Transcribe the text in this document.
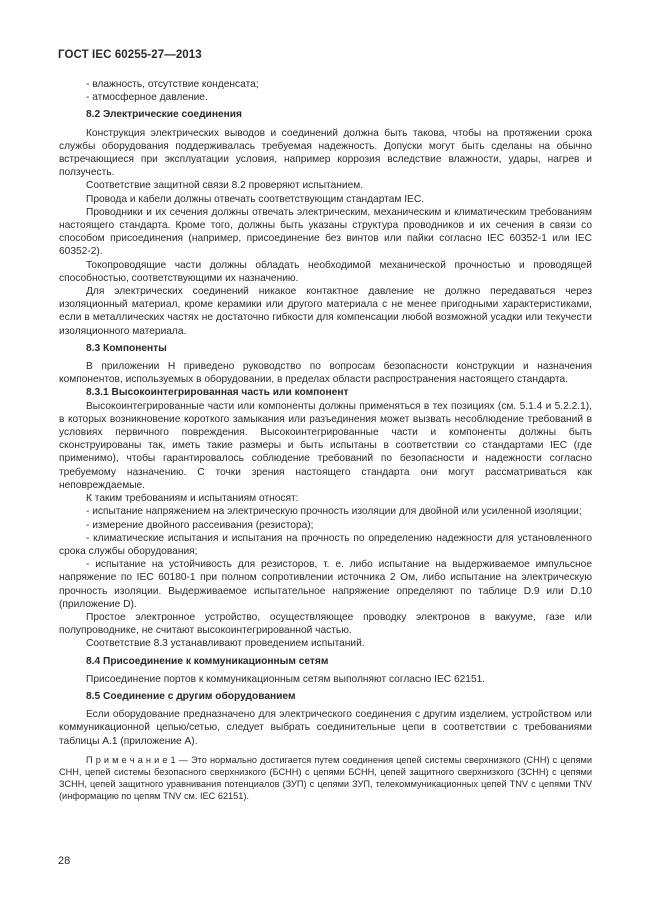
ГОСТ IEC 60255-27—2013

- влажность, отсутствие конденсата;

- атмосферное давление.

8.2 Электрические соединения

Конструкция электрических выводов и соединений должна быть такова, чтобы на протяжении срока службы оборудования поддерживалась требуемая надежность. Допуски могут быть сделаны на обычно встречающиеся при эксплуатации условия, например коррозия вследствие влажности, удары, нагрев и ползучесть.

Соответствие защитной связи 8.2 проверяют испытанием.

Провода и кабели должны отвечать соответствующим стандартам IEC.

Проводники и их сечения должны отвечать электрическим, механическим и климатическим требованиям настоящего стандарта. Кроме того, должны быть указаны структура проводников и их сечения в связи со способом присоединения (например, присоединение без винтов или пайки согласно IEC 60352-1 или IEC 60352-2).

Токопроводящие части должны обладать необходимой механической прочностью и проводящей способностью, соответствующими их назначению.

Для электрических соединений никакое контактное давление не должно передаваться через изоляционный материал, кроме керамики или другого материала с не менее пригодными характеристиками, если в металлических частях не достаточно гибкости для компенсации любой возможной усадки или текучести изоляционного материала.

8.3 Компоненты

В приложении Н приведено руководство по вопросам безопасности конструкции и назначения компонентов, используемых в оборудовании, в пределах области распространения настоящего стандарта.

8.3.1 Высокоинтегрированная часть или компонент

Высокоинтегрированные части или компоненты должны применяться в тех позициях (см. 5.1.4 и 5.2.2.1), в которых возникновение короткого замыкания или разъединения может вызвать несоблюдение требований в условиях первичного повреждения. Высокоинтегрированные части и компоненты должны быть сконструированы так, иметь такие размеры и быть испытаны в соответствии со стандартами IEC (где применимо), чтобы гарантировалось соблюдение требований по безопасности и надежности согласно требуемому назначению. С точки зрения настоящего стандарта они могут рассматриваться как неповреждаемые.

К таким требованиям и испытаниям относят:

- испытание напряжением на электрическую прочность изоляции для двойной или усиленной изоляции;

- измерение двойного рассеивания (резистора);

- климатические испытания и испытания на прочность по определению надежности для установленного срока службы оборудования;

- испытание на устойчивость для резисторов, т. е. либо испытание на выдерживаемое импульсное напряжение по IEC 60180-1 при полном сопротивлении источника 2 Ом, либо испытание на электрическую прочность изоляции. Выдерживаемое испытательное напряжение определяют по таблице D.9 или D.10 (приложение D).

Простое электронное устройство, осуществляющее проводку электронов в вакууме, газе или полупроводнике, не считают высокоинтегрированной частью.

Соответствие 8.3 устанавливают проведением испытаний.

8.4 Присоединение к коммуникационным сетям

Присоединение портов к коммуникационным сетям выполняют согласно IEC 62151.

8.5 Соединение с другим оборудованием

Если оборудование предназначено для электрического соединения с другим изделием, устройством или коммуникационной цепью/сетью, следует выбрать соединительные цепи в соответствии с требованиями таблицы А.1 (приложение А).

П р и м е ч а н и е 1 — Это нормально достигается путем соединения цепей системы сверхнизкого (СНН) с цепями СНН, цепей системы безопасного сверхнизкого (БСНН) с цепями БСНН, цепей защитного сверхнизкого (ЗСНН) с цепями ЗСНН, цепей защитного уравнивания потенциалов (ЗУП) с цепями ЗУП, телекоммуникационных цепей TNV с цепями TNV (информацию по цепям TNV см. IEC 62151).

28
